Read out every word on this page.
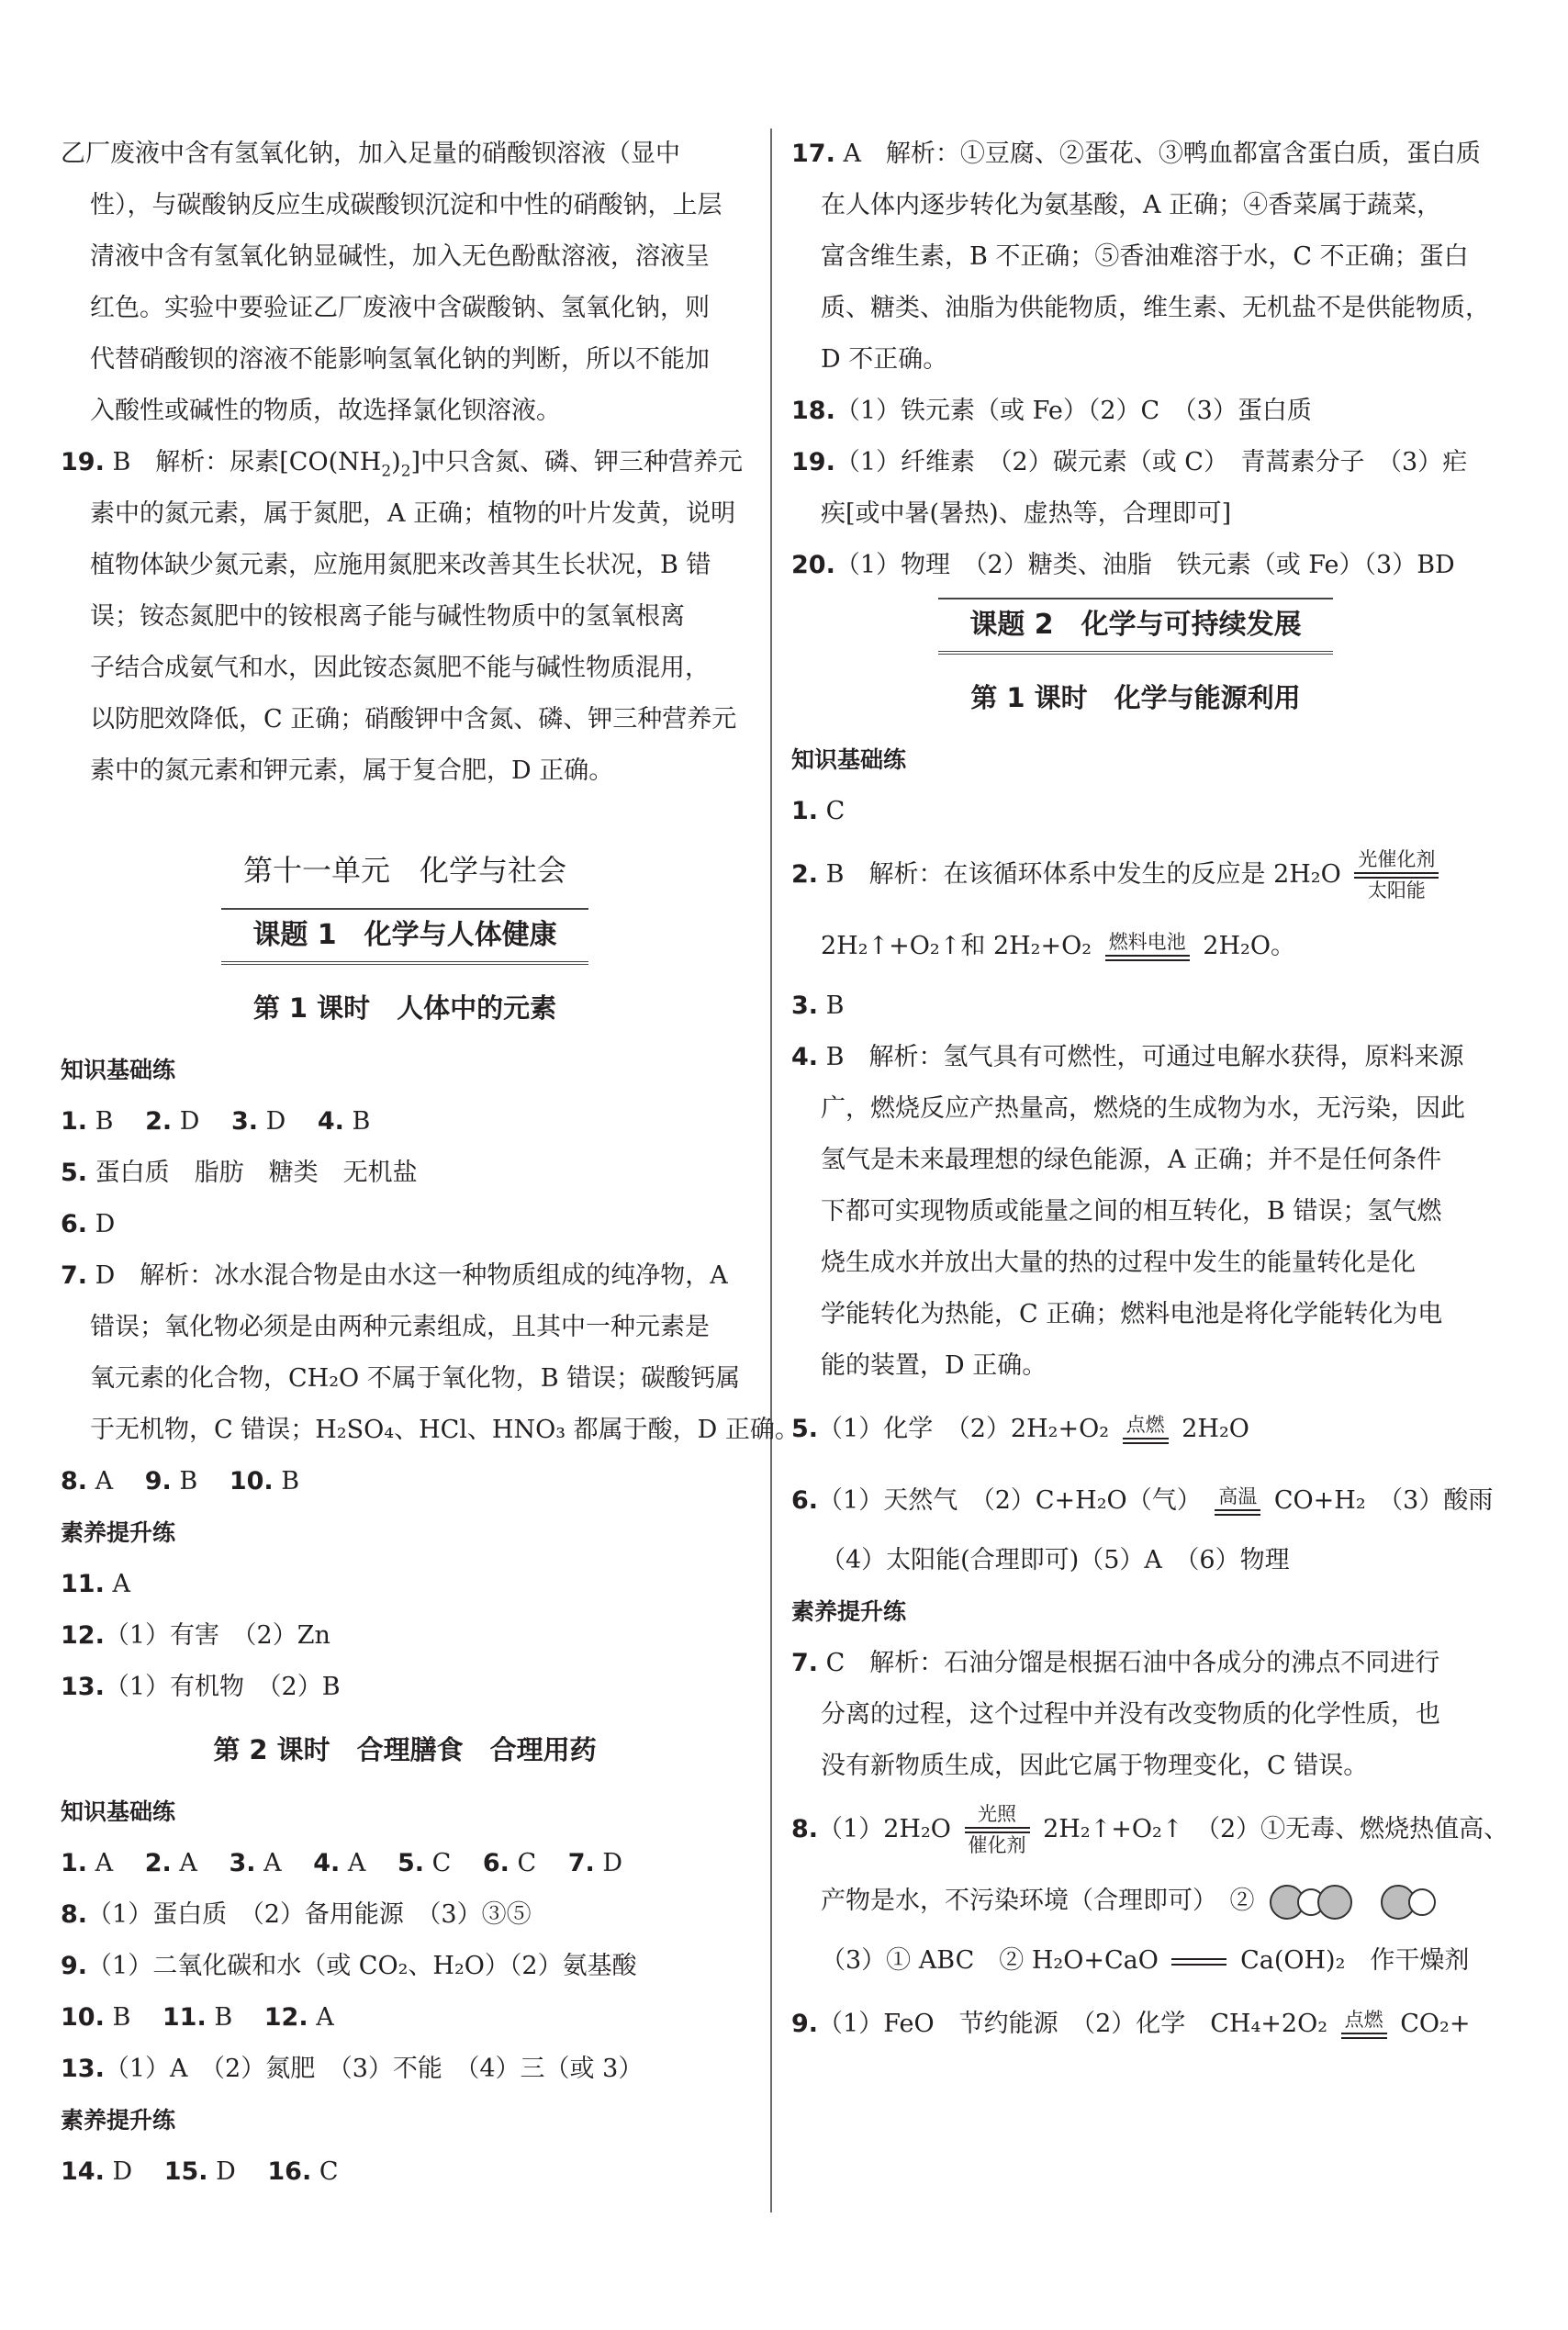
乙厂废液中含有氢氧化钠，加入足量的硝酸钡溶液（显中
性），与碳酸钠反应生成碳酸钡沉淀和中性的硝酸钠，上层
清液中含有氢氧化钠显碱性，加入无色酚酞溶液，溶液呈
红色。实验中要验证乙厂废液中含碳酸钠、氢氧化钠，则
代替硝酸钡的溶液不能影响氢氧化钠的判断，所以不能加
入酸性或碱性的物质，故选择氯化钡溶液。
19. B　解析：尿素$[CO(NH_2)_2]$中只含氮、磷、钾三种营养元
素中的氮元素，属于氮肥，A 正确；植物的叶片发黄，说明
植物体缺少氮元素，应施用氮肥来改善其生长状况，B 错
误；铵态氮肥中的铵根离子能与碱性物质中的氢氧根离
子结合成氨气和水，因此铵态氮肥不能与碱性物质混用，
以防肥效降低，C 正确；硝酸钾中含氮、磷、钾三种营养元
素中的氮元素和钾元素，属于复合肥，D 正确。
第十一单元　化学与社会
课题 1　化学与人体健康
第 1 课时　人体中的元素
知识基础练
1. B 2. D 3. D 4. B
5. 蛋白质　脂肪　糖类　无机盐
6. D
7. D　解析：冰水混合物是由水这一种物质组成的纯净物，A
错误；氧化物必须是由两种元素组成，且其中一种元素是
氧元素的化合物，CH₂O 不属于氧化物，B 错误；碳酸钙属
于无机物，C 错误；H₂SO₄、HCl、HNO₃ 都属于酸，D 正确。
8. A 9. B 10. B
素养提升练
11. A
12.（1）有害　（2）Zn
13.（1）有机物　（2）B
第 2 课时　合理膳食　合理用药
知识基础练
1. A 2. A 3. A 4. A 5. C 6. C 7. D
8.（1）蛋白质　（2）备用能源　（3）③⑤
9.（1）二氧化碳和水（或 CO₂、H₂O）（2）氨基酸
10. B 11. B 12. A
13.（1）A　（2）氮肥　（3）不能　（4）三（或 3）
素养提升练
14. D 15. D 16. C
17. A　解析：①豆腐、②蛋花、③鸭血都富含蛋白质，蛋白质
在人体内逐步转化为氨基酸，A 正确；④香菜属于蔬菜，
富含维生素，B 不正确；⑤香油难溶于水，C 不正确；蛋白
质、糖类、油脂为供能物质，维生素、无机盐不是供能物质，
D 不正确。
18.（1）铁元素（或 Fe）（2）C　（3）蛋白质
19.（1）纤维素　（2）碳元素（或 C）　青蒿素分子　（3）疟
疾[或中暑(暑热)、虚热等，合理即可]
20.（1）物理　（2）糖类、油脂　铁元素（或 Fe）（3）BD
课题 2　化学与可持续发展
第 1 课时　化学与能源利用
知识基础练
1. C
2. B　解析：在该循环体系中发生的反应是 2H₂O
光催化剂
太阳能
2H₂↑+O₂↑和 2H₂+O₂ 燃料电池 2H₂O。
3. B
4. B　解析：氢气具有可燃性，可通过电解水获得，原料来源
广，燃烧反应产热量高，燃烧的生成物为水，无污染，因此
氢气是未来最理想的绿色能源，A 正确；并不是任何条件
下都可实现物质或能量之间的相互转化，B 错误；氢气燃
烧生成水并放出大量的热的过程中发生的能量转化是化
学能转化为热能，C 正确；燃料电池是将化学能转化为电
能的装置，D 正确。
5.（1）化学　（2）2H₂+O₂ 点燃 2H₂O
6.（1）天然气　（2）C+H₂O（气） 高温 CO+H₂　（3）酸雨
（4）太阳能(合理即可)（5）A　（6）物理
素养提升练
7. C　解析：石油分馏是根据石油中各成分的沸点不同进行
分离的过程，这个过程中并没有改变物质的化学性质，也
没有新物质生成，因此它属于物理变化，C 错误。
8.（1）2H₂O
光照
催化剂
2H₂↑+O₂↑　（2）①无毒、燃烧热值高、
产物是水，不污染环境（合理即可）　②
（3）① ABC　② H₂O+CaO	Ca(OH)₂　作干燥剂
9.（1）FeO　节约能源　（2）化学　CH₄+2O₂ 点燃 CO₂+
